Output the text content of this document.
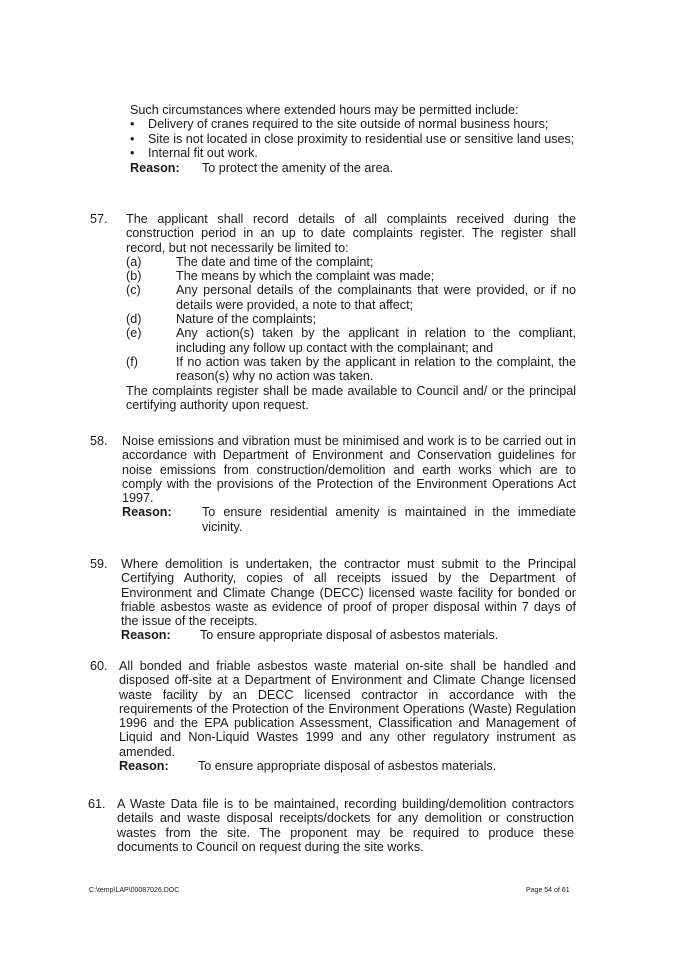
Such circumstances where extended hours may be permitted include:
• Delivery of cranes required to the site outside of normal business hours;
• Site is not located in close proximity to residential use or sensitive land uses;
• Internal fit out work.
Reason: To protect the amenity of the area.
57. The applicant shall record details of all complaints received during the construction period in an up to date complaints register. The register shall record, but not necessarily be limited to:
(a)	The date and time of the complaint;
(b)	The means by which the complaint was made;
(c)	Any personal details of the complainants that were provided, or if no details were provided, a note to that affect;
(d)	Nature of the complaints;
(e)	Any action(s) taken by the applicant in relation to the compliant, including any follow up contact with the complainant; and
(f)	If no action was taken by the applicant in relation to the complaint, the reason(s) why no action was taken.
The complaints register shall be made available to Council and/ or the principal certifying authority upon request.
58. Noise emissions and vibration must be minimised and work is to be carried out in accordance with Department of Environment and Conservation guidelines for noise emissions from construction/demolition and earth works which are to comply with the provisions of the Protection of the Environment Operations Act 1997.
Reason:	To ensure residential amenity is maintained in the immediate vicinity.
59. Where demolition is undertaken, the contractor must submit to the Principal Certifying Authority, copies of all receipts issued by the Department of Environment and Climate Change (DECC) licensed waste facility for bonded or friable asbestos waste as evidence of proof of proper disposal within 7 days of the issue of the receipts.
Reason:	To ensure appropriate disposal of asbestos materials.
60. All bonded and friable asbestos waste material on-site shall be handled and disposed off-site at a Department of Environment and Climate Change licensed waste facility by an DECC licensed contractor in accordance with the requirements of the Protection of the Environment Operations (Waste) Regulation 1996 and the EPA publication Assessment, Classification and Management of Liquid and Non-Liquid Wastes 1999 and any other regulatory instrument as amended.
Reason:	To ensure appropriate disposal of asbestos materials.
61. A Waste Data file is to be maintained, recording building/demolition contractors details and waste disposal receipts/dockets for any demolition or construction wastes from the site. The proponent may be required to produce these documents to Council on request during the site works.
C:\temp\LAP\00087026.DOC	Page 54 of 61
